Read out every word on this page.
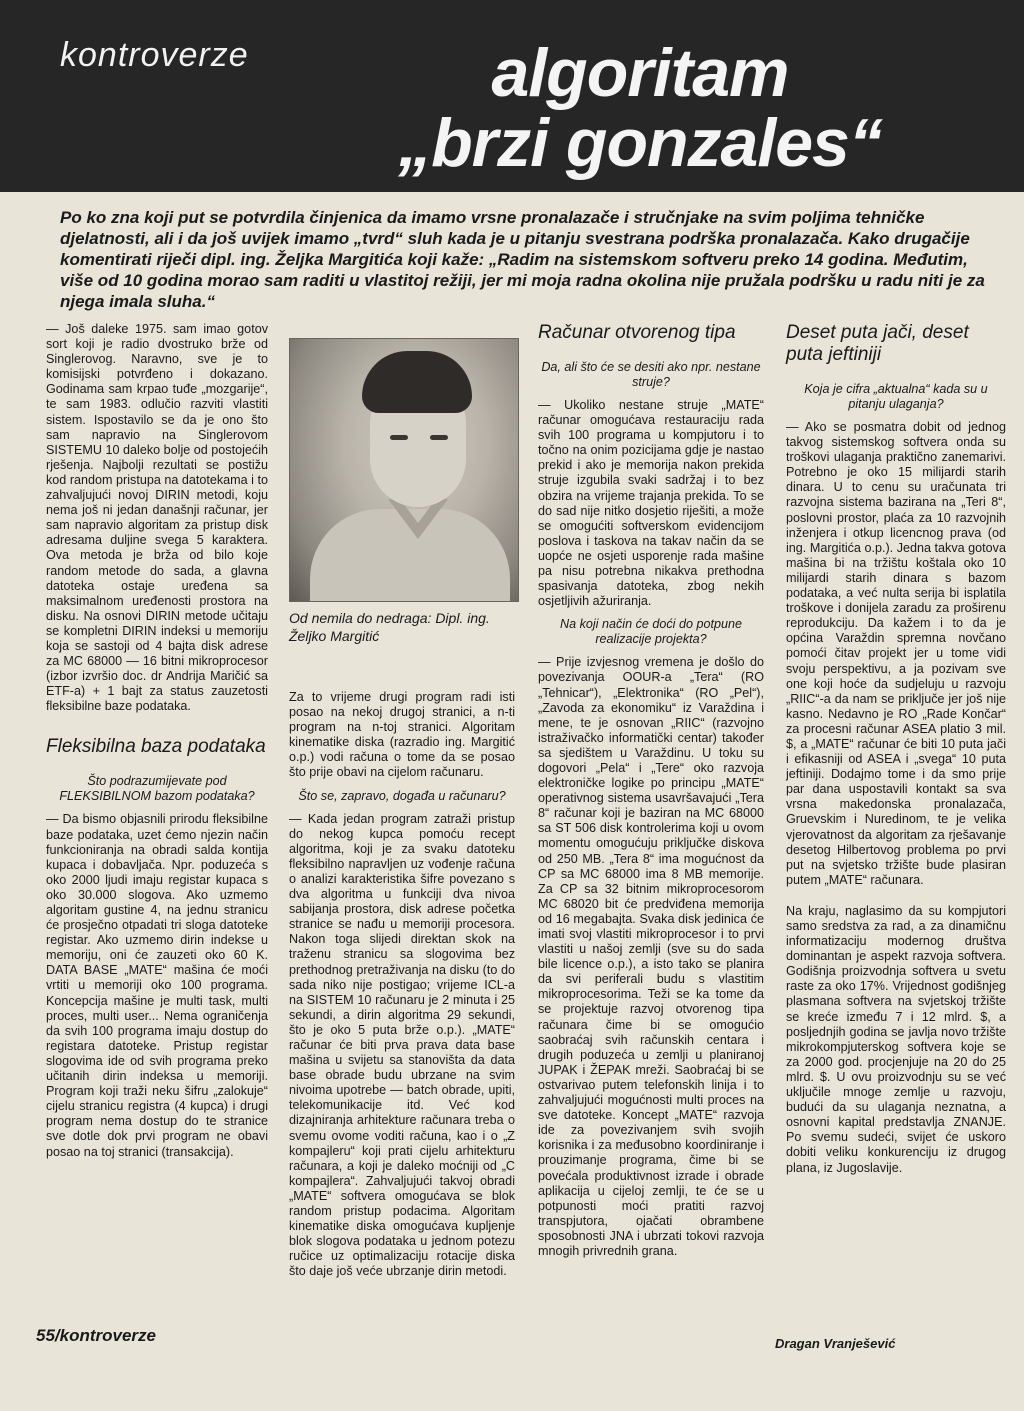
kontroverze	algoritam
„brzi gonzales“
Po ko zna koji put se potvrdila činjenica da imamo vrsne pronalazače i stručnjake na svim poljima tehničke djelatnosti, ali i da još uvijek imamo „tvrd“ sluh kada je u pitanju svestrana podrška pronalazača. Kako drugačije komentirati riječi dipl. ing. Željka Margitića koji kaže: „Radim na sistemskom softveru preko 14 godina. Međutim, više od 10 godina morao sam raditi u vlastitoj režiji, jer mi moja radna okolina nije pružala podršku u radu niti je za njega imala sluha.“

— Još daleke 1975. sam imao gotov sort koji je radio dvostruko brže od Singlerovog. Naravno, sve je to komisijski potvrđeno i dokazano. Godinama sam krpao tuđe „mozgarije“, te sam 1983. odlučio razviti vlastiti sistem. Ispostavilo se da je ono što sam napravio na Singlerovom SISTEMU 10 daleko bolje od postojećih rješenja. Najbolji rezultati se postižu kod random pristupa na datotekama i to zahvaljujući novoj DIRIN metodi, koju nema još ni jedan današnji računar, jer sam napravio algoritam za pristup disk adresama duljine svega 5 karaktera. Ova metoda je brža od bilo koje random metode do sada, a glavna datoteka ostaje uređena sa maksimalnom uređenosti prostora na disku. Na osnovi DIRIN metode učitaju se kompletni DIRIN indeksi u memoriju koja se sastoji od 4 bajta disk adrese za MC 68000 — 16 bitni mikroprocesor (izbor izvršio doc. dr Andrija Maričić sa ETF-a) + 1 bajt za status zauzetosti fleksibilne baze podataka.

Fleksibilna baza podataka

Što podrazumijevate pod FLEKSIBILNOM bazom podataka?

— Da bismo objasnili prirodu fleksibilne baze podataka, uzet ćemo njezin način funkcioniranja na obradi salda kontija kupaca i dobavljača. Npr. poduzeća s oko 2000 ljudi imaju registar kupaca s oko 30.000 slogova. Ako uzmemo algoritam gustine 4, na jednu stranicu će prosječno otpadati tri sloga datoteke registar. Ako uzmemo dirin indekse u memoriju, oni će zauzeti oko 60 K. DATA BASE „MATE“ mašina će moći vrtiti u memoriji oko 100 programa. Koncepcija mašine je multi task, multi proces, multi user... Nema ograničenja da svih 100 programa imaju dostup do registara datoteke. Pristup registar slogovima ide od svih programa preko učitanih dirin indeksa u memoriji. Program koji traži neku šifru „zalokuje“ cijelu stranicu registra (4 kupca) i drugi program nema dostup do te stranice sve dotle dok prvi program ne obavi posao na toj stranici (transakcija).

Od nemila do nedraga: Dipl. ing. Željko Margitić

Za to vrijeme drugi program radi isti posao na nekoj drugoj stranici, a n-ti program na n-toj stranici. Algoritam kinematike diska (razradio ing. Margitić o.p.) vodi računa o tome da se posao što prije obavi na cijelom računaru.

Što se, zapravo, događa u računaru?

— Kada jedan program zatraži pristup do nekog kupca pomoću recept algoritma, koji je za svaku datoteku fleksibilno napravljen uz vođenje računa o analizi karakteristika šifre povezano s dva algoritma u funkciji dva nivoa sabijanja prostora, disk adrese početka stranice se nađu u memoriji procesora. Nakon toga slijedi direktan skok na traženu stranicu sa slogovima bez prethodnog pretraživanja na disku (to do sada niko nije postigao; vrijeme ICL-a na SISTEM 10 računaru je 2 minuta i 25 sekundi, a dirin algoritma 29 sekundi, što je oko 5 puta brže o.p.). „MATE“ računar će biti prva prava data base mašina u svijetu sa stanovišta da data base obrade budu ubrzane na svim nivoima upotrebe — batch obrade, upiti, telekomunikacije itd. Već kod dizajniranja arhitekture računara treba o svemu ovome voditi računa, kao i o „Z kompajleru“ koji prati cijelu arhitekturu računara, a koji je daleko moćniji od „C kompajlera“. Zahvaljujući takvoj obradi „MATE“ softvera omogućava se blok random pristup podacima. Algoritam kinematike diska omogućava kupljenje blok slogova podataka u jednom potezu ručice uz optimalizaciju rotacije diska što daje još veće ubrzanje dirin metodi.

Računar otvorenog tipa

Da, ali što će se desiti ako npr. nestane struje?

— Ukoliko nestane struje „MATE“ računar omogućava restauraciju rada svih 100 programa u kompjutoru i to točno na onim pozicijama gdje je nastao prekid i ako je memorija nakon prekida struje izgubila svaki sadržaj i to bez obzira na vrijeme trajanja prekida. To se do sad nije nitko dosjetio riješiti, a može se omogućiti softverskom evidencijom poslova i taskova na takav način da se uopće ne osjeti usporenje rada mašine pa nisu potrebna nikakva prethodna spasivanja datoteka, zbog nekih osjetljivih ažuriranja.

Na koji način će doći do potpune realizacije projekta?

— Prije izvjesnog vremena je došlo do povezivanja OOUR-a „Tera“ (RO „Tehnicar“), „Elektronika“ (RO „Pel“), „Zavoda za ekonomiku“ iz Varaždina i mene, te je osnovan „RIIC“ (razvojno istraživačko informatički centar) također sa sjedištem u Varaždinu. U toku su dogovori „Pela“ i „Tere“ oko razvoja elektroničke logike po principu „MATE“ operativnog sistema usavršavajući „Tera 8“ računar koji je baziran na MC 68000 sa ST 506 disk kontrolerima koji u ovom momentu omogućuju priključke diskova od 250 MB. „Tera 8“ ima mogućnost da CP sa MC 68000 ima 8 MB memorije. Za CP sa 32 bitnim mikroprocesorom MC 68020 bit će predviđena memorija od 16 megabajta. Svaka disk jedinica će imati svoj vlastiti mikroprocesor i to prvi vlastiti u našoj zemlji (sve su do sada bile licence o.p.), a isto tako se planira da svi periferali budu s vlastitim mikroprocesorima. Teži se ka tome da se projektuje razvoj otvorenog tipa računara čime bi se omogućio saobraćaj svih računskih centara i drugih poduzeća u zemlji u planiranoj JUPAK i ŽEPAK mreži. Saobraćaj bi se ostvarivao putem telefonskih linija i to zahvaljujući mogućnosti multi proces na sve datoteke. Koncept „MATE“ razvoja ide za povezivanjem svih svojih korisnika i za međusobno koordiniranje i prouzimanje programa, čime bi se povećala produktivnost izrade i obrade aplikacija u cijeloj zemlji, te će se u potpunosti moći pratiti razvoj transpjutora, ojačati obrambene sposobnosti JNA i ubrzati tokovi razvoja mnogih privrednih grana.

Deset puta jači, deset puta jeftiniji

Koja je cifra „aktualna“ kada su u pitanju ulaganja?

— Ako se posmatra dobit od jednog takvog sistemskog softvera onda su troškovi ulaganja praktično zanemarivi. Potrebno je oko 15 milijardi starih dinara. U to cenu su uračunata tri razvojna sistema bazirana na „Teri 8“, poslovni prostor, plaća za 10 razvojnih inženjera i otkup licencnog prava (od ing. Margitića o.p.). Jedna takva gotova mašina bi na tržištu koštala oko 10 milijardi starih dinara s bazom podataka, a već nulta serija bi isplatila troškove i donijela zaradu za proširenu reprodukciju. Da kažem i to da je općina Varaždin spremna novčano pomoći čitav projekt jer u tome vidi svoju perspektivu, a ja pozivam sve one koji hoće da sudjeluju u razvoju „RIIC“-a da nam se priključe jer još nije kasno. Nedavno je RO „Rade Končar“ za procesni računar ASEA platio 3 mil. $, a „MATE“ računar će biti 10 puta jači i efikasniji od ASEA i „svega“ 10 puta jeftiniji. Dodajmo tome i da smo prije par dana uspostavili kontakt sa sva vrsna makedonska pronalazača, Gruevskim i Nuredinom, te je velika vjerovatnost da algoritam za rješavanje desetog Hilbertovog problema po prvi put na svjetsko tržište bude plasiran putem „MATE“ računara.

Na kraju, naglasimo da su kompjutori samo sredstva za rad, a za dinamičnu informatizaciju modernog društva dominantan je aspekt razvoja softvera. Godišnja proizvodnja softvera u svetu raste za oko 17%. Vrijednost godišnjeg plasmana softvera na svjetskoj tržište se kreće između 7 i 12 mlrd. $, a posljednjih godina se javlja novo tržište mikrokompjuterskog softvera koje se za 2000 god. procjenjuje na 20 do 25 mlrd. $. U ovu proizvodnju su se već uključile mnoge zemlje u razvoju, budući da su ulaganja neznatna, a osnovni kapital predstavlja ZNANJE. Po svemu sudeći, svijet će uskoro dobiti veliku konkurenciju iz drugog plana, iz Jugoslavije.

55/kontroverze	Dragan Vranješević
